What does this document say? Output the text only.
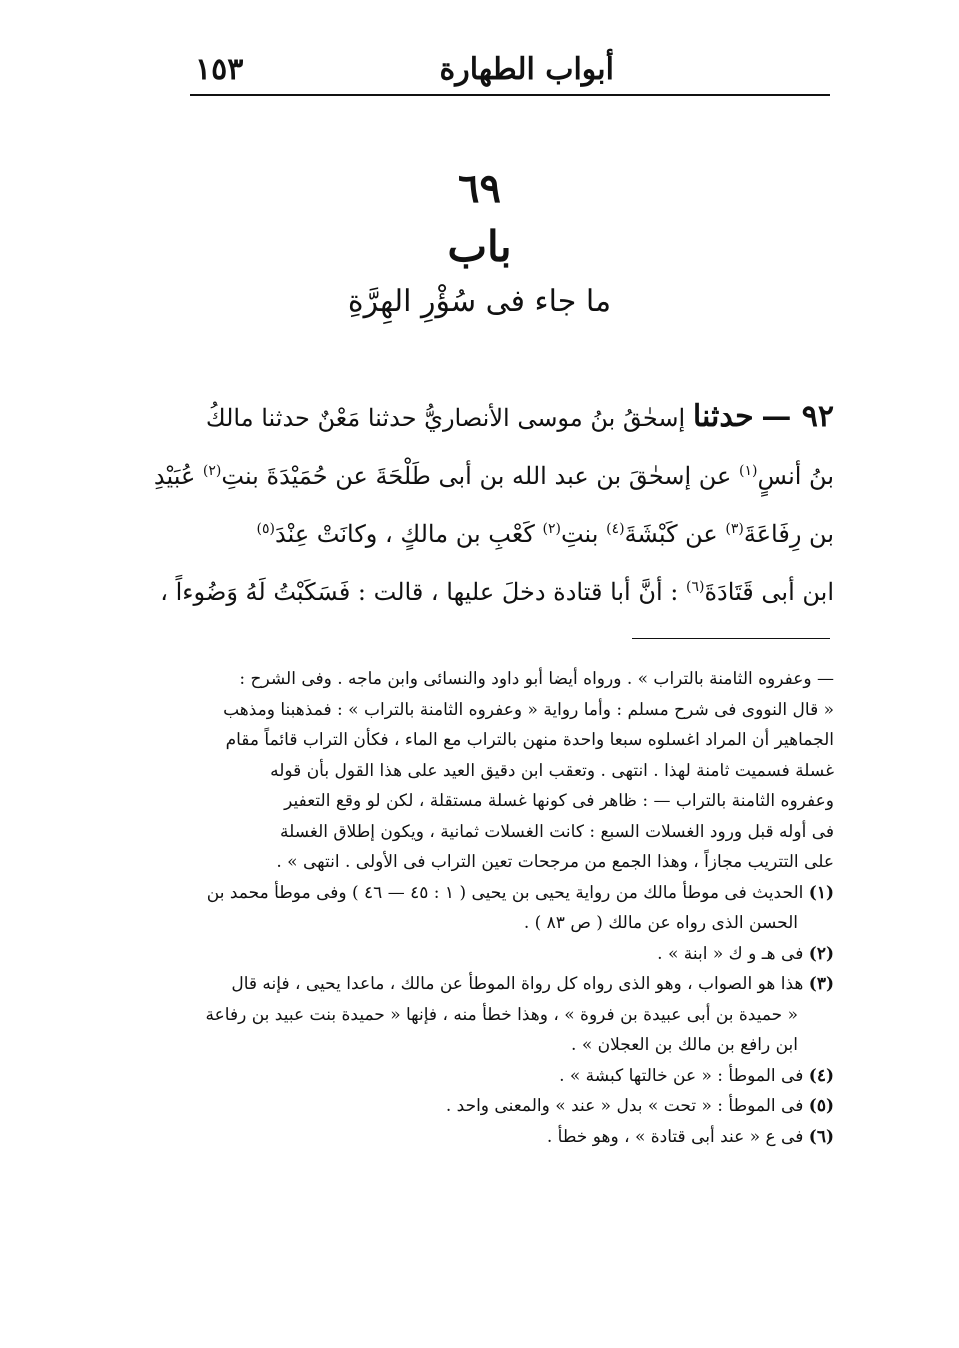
أبواب الطهارة
١٥٣
٦٩
باب
ما جاء فى سُؤْرِ الهِرَّةِ
٩٢ — حدثنا إسحٰقُ بنُ موسى الأنصاريُّ حدثنا مَعْنٌ حدثنا مالكُ
بنُ أنسٍ$^{(١)}$ عن إسحٰقَ بن عبد الله بن أبى طَلْحَةَ عن حُمَيْدَةَ بنتِ$^{(٢)}$ عُبَيْدِ
بن رِفَاعَةَ$^{(٣)}$ عن كَبْشَةَ$^{(٤)}$ بنتِ$^{(٢)}$ كَعْبِ بن مالكٍ ، وكانَتْ عِنْدَ$^{(٥)}$
ابن أبى قَتَادَةَ$^{(٦)}$ : أنَّ أبا قتادة دخلَ عليها ، قالت : فَسَكَبْتُ لَهُ وَضُوءاً ،
— وعفروه الثامنة بالتراب » . ورواه أيضا أبو داود والنسائى وابن ماجه . وفى الشرح :
« قال النووى فى شرح مسلم : وأما رواية « وعفروه الثامنة بالتراب » : فمذهبنا ومذهب
الجماهير أن المراد اغسلوه سبعا واحدة منهن بالتراب مع الماء ، فكأن التراب قائماً مقام
غسلة فسميت ثامنة لهذا . انتهى . وتعقب ابن دقيق العيد على هذا القول بأن قوله
وعفروه الثامنة بالتراب — : ظاهر فى كونها غسلة مستقلة ، لكن لو وقع التعفير
فى أوله قبل ورود الغسلات السبع : كانت الغسلات ثمانية ، ويكون إطلاق الغسلة
على التتريب مجازاً ، وهذا الجمع من مرجحات تعين التراب فى الأولى . انتهى » .
(١) الحديث فى موطأ مالك من رواية يحيى بن يحيى ( ١ : ٤٥ — ٤٦ ) وفى موطأ محمد بن
الحسن الذى رواه عن مالك ( ص ٨٣ ) .
(٢) فى هـ و ك « ابنة » .
(٣) هذا هو الصواب ، وهو الذى رواه كل رواة الموطأ عن مالك ، ماعدا يحيى ، فإنه قال
« حميدة بن أبى عبيدة بن فروة » ، وهذا خطأ منه ، فإنها « حميدة بنت عبيد بن رفاعة
ابن رافع بن مالك بن العجلان » .
(٤) فى الموطأ : « عن خالتها كبشة » .
(٥) فى الموطأ : « تحت » بدل « عند » والمعنى واحد .
(٦) فى ع « عند أبى قتادة » ، وهو خطأ .
